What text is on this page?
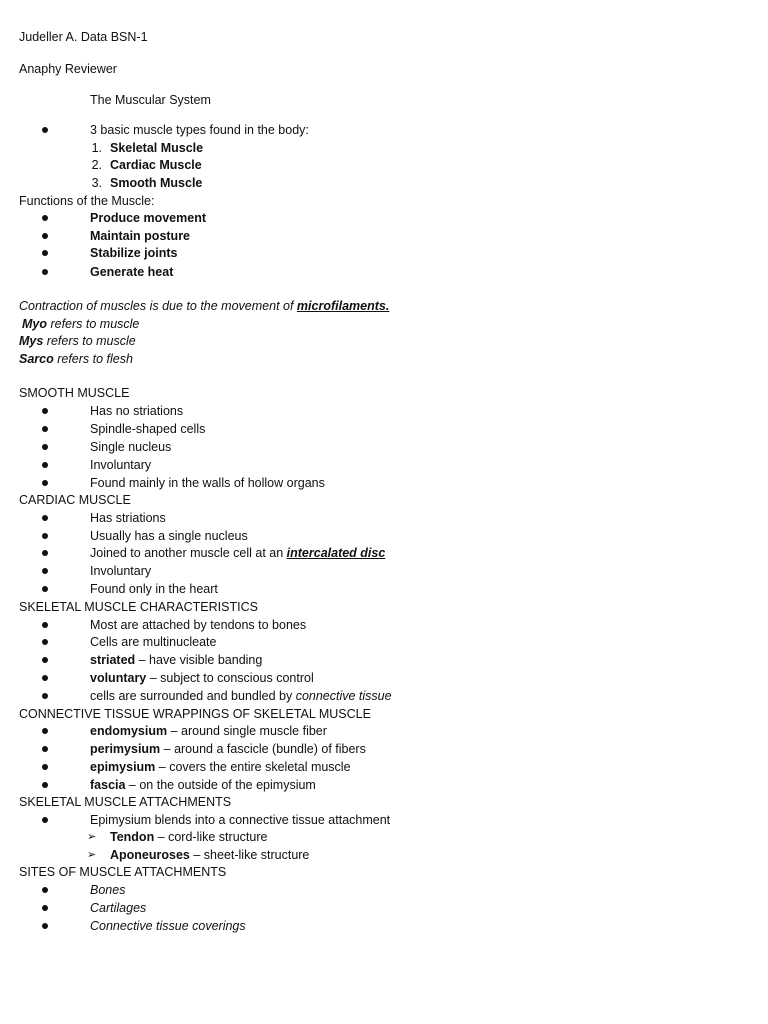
Judeller A. Data BSN-1
Anaphy Reviewer
The Muscular System
3 basic muscle types found in the body:
1. Skeletal Muscle
2. Cardiac Muscle
3. Smooth Muscle
Functions of the Muscle:
Produce movement
Maintain posture
Stabilize joints
Generate heat
Contraction of muscles is due to the movement of microfilaments.
Myo refers to muscle
Mys refers to muscle
Sarco refers to flesh
SMOOTH MUSCLE
Has no striations
Spindle-shaped cells
Single nucleus
Involuntary
Found mainly in the walls of hollow organs
CARDIAC MUSCLE
Has striations
Usually has a single nucleus
Joined to another muscle cell at an intercalated disc
Involuntary
Found only in the heart
SKELETAL MUSCLE CHARACTERISTICS
Most are attached by tendons to bones
Cells are multinucleate
striated – have visible banding
voluntary – subject to conscious control
cells are surrounded and bundled by connective tissue
CONNECTIVE TISSUE WRAPPINGS OF SKELETAL MUSCLE
endomysium – around single muscle fiber
perimysium – around a fascicle (bundle) of fibers
epimysium – covers the entire skeletal muscle
fascia – on the outside of the epimysium
SKELETAL MUSCLE ATTACHMENTS
Epimysium blends into a connective tissue attachment
➢ Tendon – cord-like structure
➢ Aponeuroses – sheet-like structure
SITES OF MUSCLE ATTACHMENTS
Bones
Cartilages
Connective tissue coverings
